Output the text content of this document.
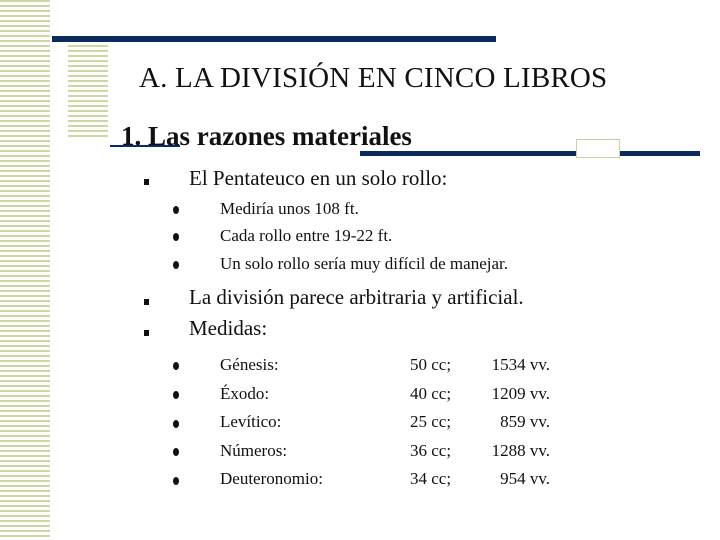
A. LA DIVISIÓN EN CINCO LIBROS
1. Las razones materiales
El Pentateuco en un solo rollo:
Mediría unos 108 ft.
Cada rollo entre 19-22 ft.
Un solo rollo sería muy difícil de manejar.
La división parece arbitraria y artificial.
Medidas:
Génesis:	50 cc; 1534 vv.
Éxodo:	40 cc; 1209 vv.
Levítico:	25 cc;	859 vv.
Números:	36 cc; 1288 vv.
Deuteronomio:	34 cc;	954 vv.
